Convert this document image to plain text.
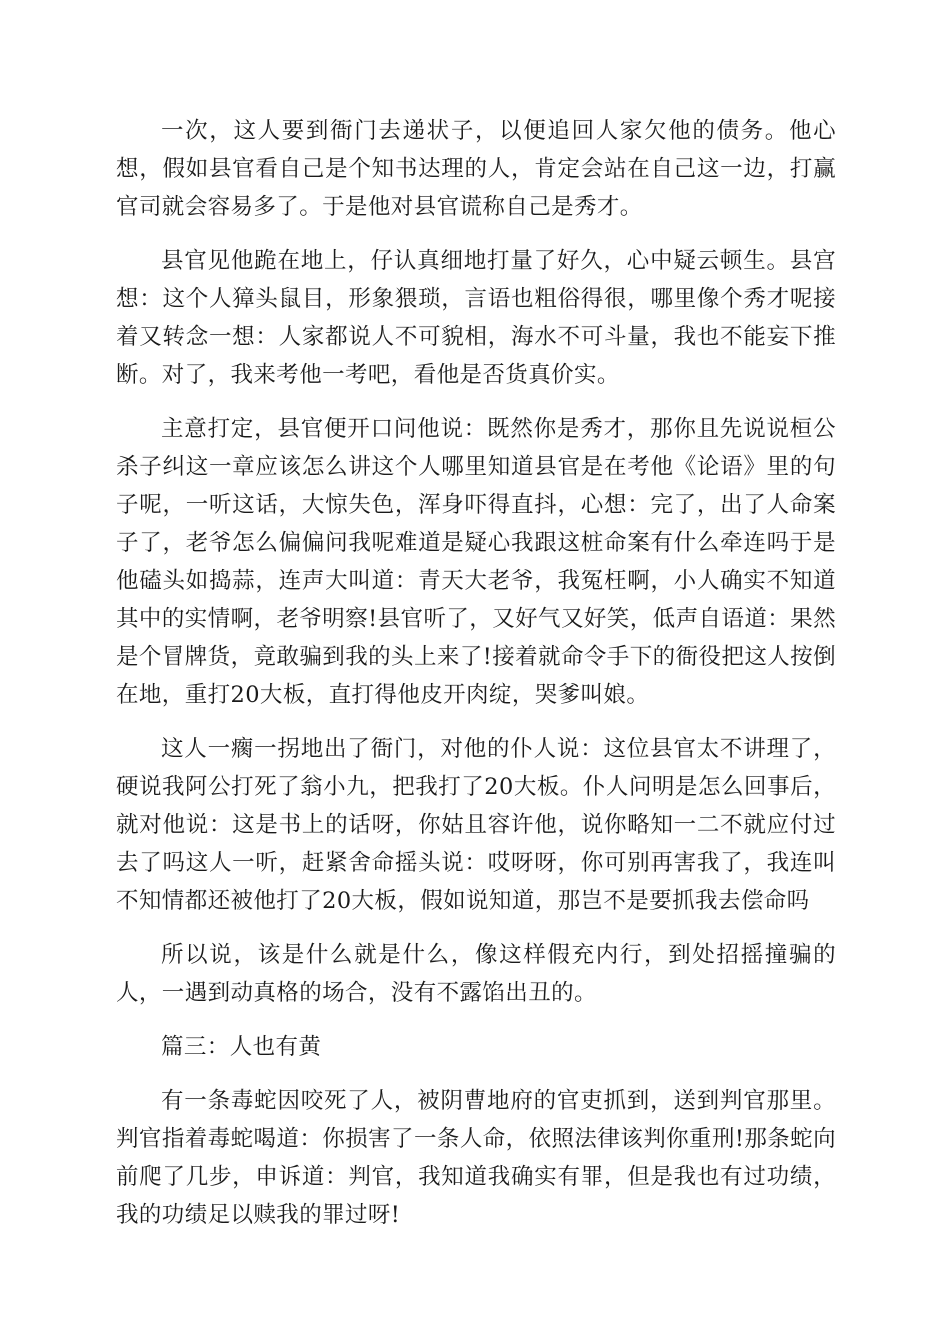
一次，这人要到衙门去递状子，以便追回人家欠他的债务。他心想，假如县官看自己是个知书达理的人，肯定会站在自己这一边，打赢官司就会容易多了。于是他对县官谎称自己是秀才。

县官见他跪在地上，仔认真细地打量了好久，心中疑云顿生。县宫想：这个人獐头鼠目，形象猥琐，言语也粗俗得很，哪里像个秀才呢接着又转念一想：人家都说人不可貌相，海水不可斗量，我也不能妄下推断。对了，我来考他一考吧，看他是否货真价实。

主意打定，县官便开口问他说：既然你是秀才，那你且先说说桓公杀子纠这一章应该怎么讲这个人哪里知道县官是在考他《论语》里的句子呢，一听这话，大惊失色，浑身吓得直抖，心想：完了，出了人命案子了，老爷怎么偏偏问我呢难道是疑心我跟这桩命案有什么牵连吗于是他磕头如捣蒜，连声大叫道：青天大老爷，我冤枉啊，小人确实不知道其中的实情啊，老爷明察!县官听了，又好气又好笑，低声自语道：果然是个冒牌货，竟敢骗到我的头上来了!接着就命令手下的衙役把这人按倒在地，重打20大板，直打得他皮开肉绽，哭爹叫娘。

这人一瘸一拐地出了衙门，对他的仆人说：这位县官太不讲理了，硬说我阿公打死了翁小九，把我打了20大板。仆人问明是怎么回事后，就对他说：这是书上的话呀，你姑且容许他，说你略知一二不就应付过去了吗这人一听，赶紧舍命摇头说：哎呀呀，你可别再害我了，我连叫不知情都还被他打了20大板，假如说知道，那岂不是要抓我去偿命吗

所以说，该是什么就是什么，像这样假充内行，到处招摇撞骗的人，一遇到动真格的场合，没有不露馅出丑的。

篇三：人也有黄

有一条毒蛇因咬死了人，被阴曹地府的官吏抓到，送到判官那里。判官指着毒蛇喝道：你损害了一条人命，依照法律该判你重刑!那条蛇向前爬了几步，申诉道：判官，我知道我确实有罪，但是我也有过功绩，我的功绩足以赎我的罪过呀!
